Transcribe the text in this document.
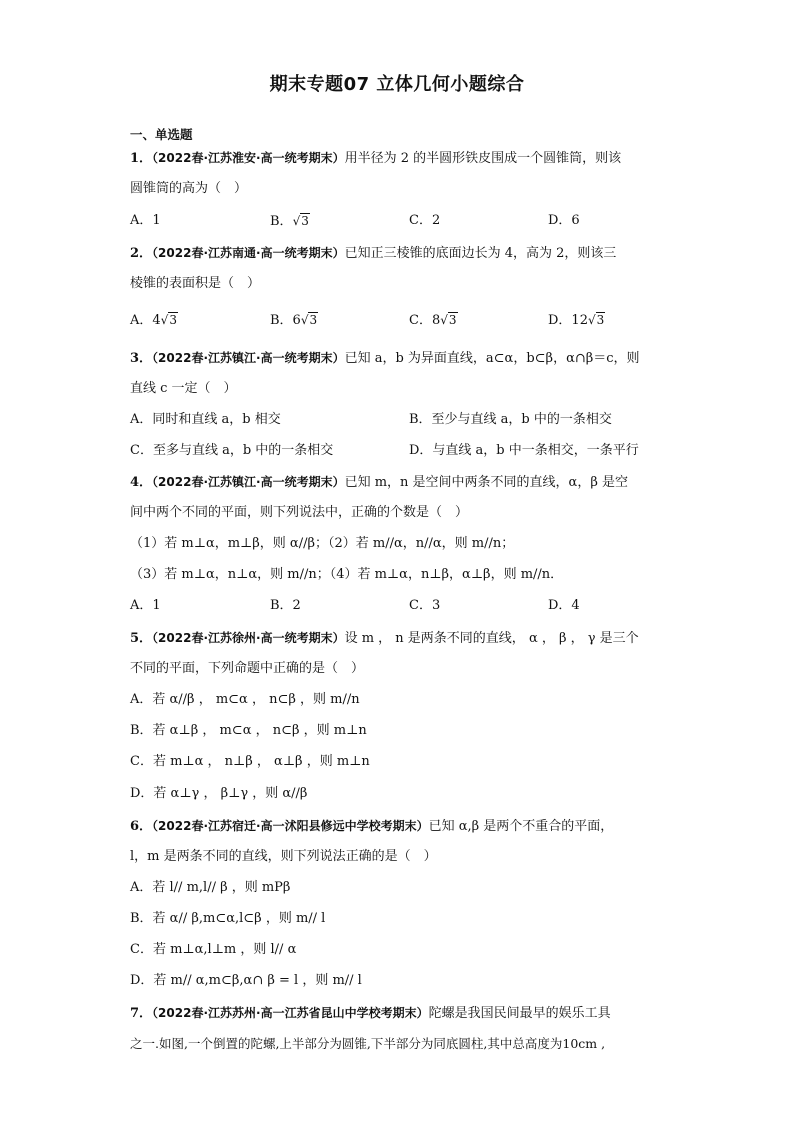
期末专题07 立体几何小题综合
一、单选题
1．（2022春·江苏淮安·高一统考期末）用半径为 2 的半圆形铁皮围成一个圆锥筒，则该
圆锥筒的高为（　）
A．1	B．√3	C．2	D．6
2．（2022春·江苏南通·高一统考期末）已知正三棱锥的底面边长为 4，高为 2，则该三
棱锥的表面积是（　）
A．4√3	B．6√3	C．8√3	D．12√3
3．（2022春·江苏镇江·高一统考期末）已知 a，b 为异面直线，a⊂α，b⊂β，α∩β＝c，则
直线 c 一定（　）
A．同时和直线 a，b 相交	B．至少与直线 a，b 中的一条相交
C．至多与直线 a，b 中的一条相交	D．与直线 a，b 中一条相交，一条平行
4．（2022春·江苏镇江·高一统考期末）已知 m，n 是空间中两条不同的直线，α，β 是空
间中两个不同的平面，则下列说法中，正确的个数是（　）
（1）若 m⊥α，m⊥β，则 α//β；（2）若 m//α，n//α，则 m//n；
（3）若 m⊥α，n⊥α，则 m//n；（4）若 m⊥α，n⊥β，α⊥β，则 m//n．
A．1	B．2	C．3	D．4
5．（2022春·江苏徐州·高一统考期末）设 m ， n 是两条不同的直线， α ， β ， γ 是三个
不同的平面，下列命题中正确的是（　）
A．若 α//β ， m⊂α ， n⊂β ，则 m//n
B．若 α⊥β ， m⊂α ， n⊂β ，则 m⊥n
C．若 m⊥α ， n⊥β ， α⊥β ，则 m⊥n
D．若 α⊥γ ， β⊥γ ，则 α//β
6．（2022春·江苏宿迁·高一沭阳县修远中学校考期末）已知 α,β 是两个不重合的平面，
l，m 是两条不同的直线，则下列说法正确的是（　）
A．若 l// m,l// β ，则 mPβ
B．若 α// β,m⊂α,l⊂β ，则 m// l
C．若 m⊥α,l⊥m ，则 l// α
D．若 m// α,m⊂β,α∩ β = l ，则 m// l
7．（2022春·江苏苏州·高一江苏省昆山中学校考期末）陀螺是我国民间最早的娱乐工具
之一.如图,一个倒置的陀螺,上半部分为圆锥,下半部分为同底圆柱,其中总高度为10cm ,
